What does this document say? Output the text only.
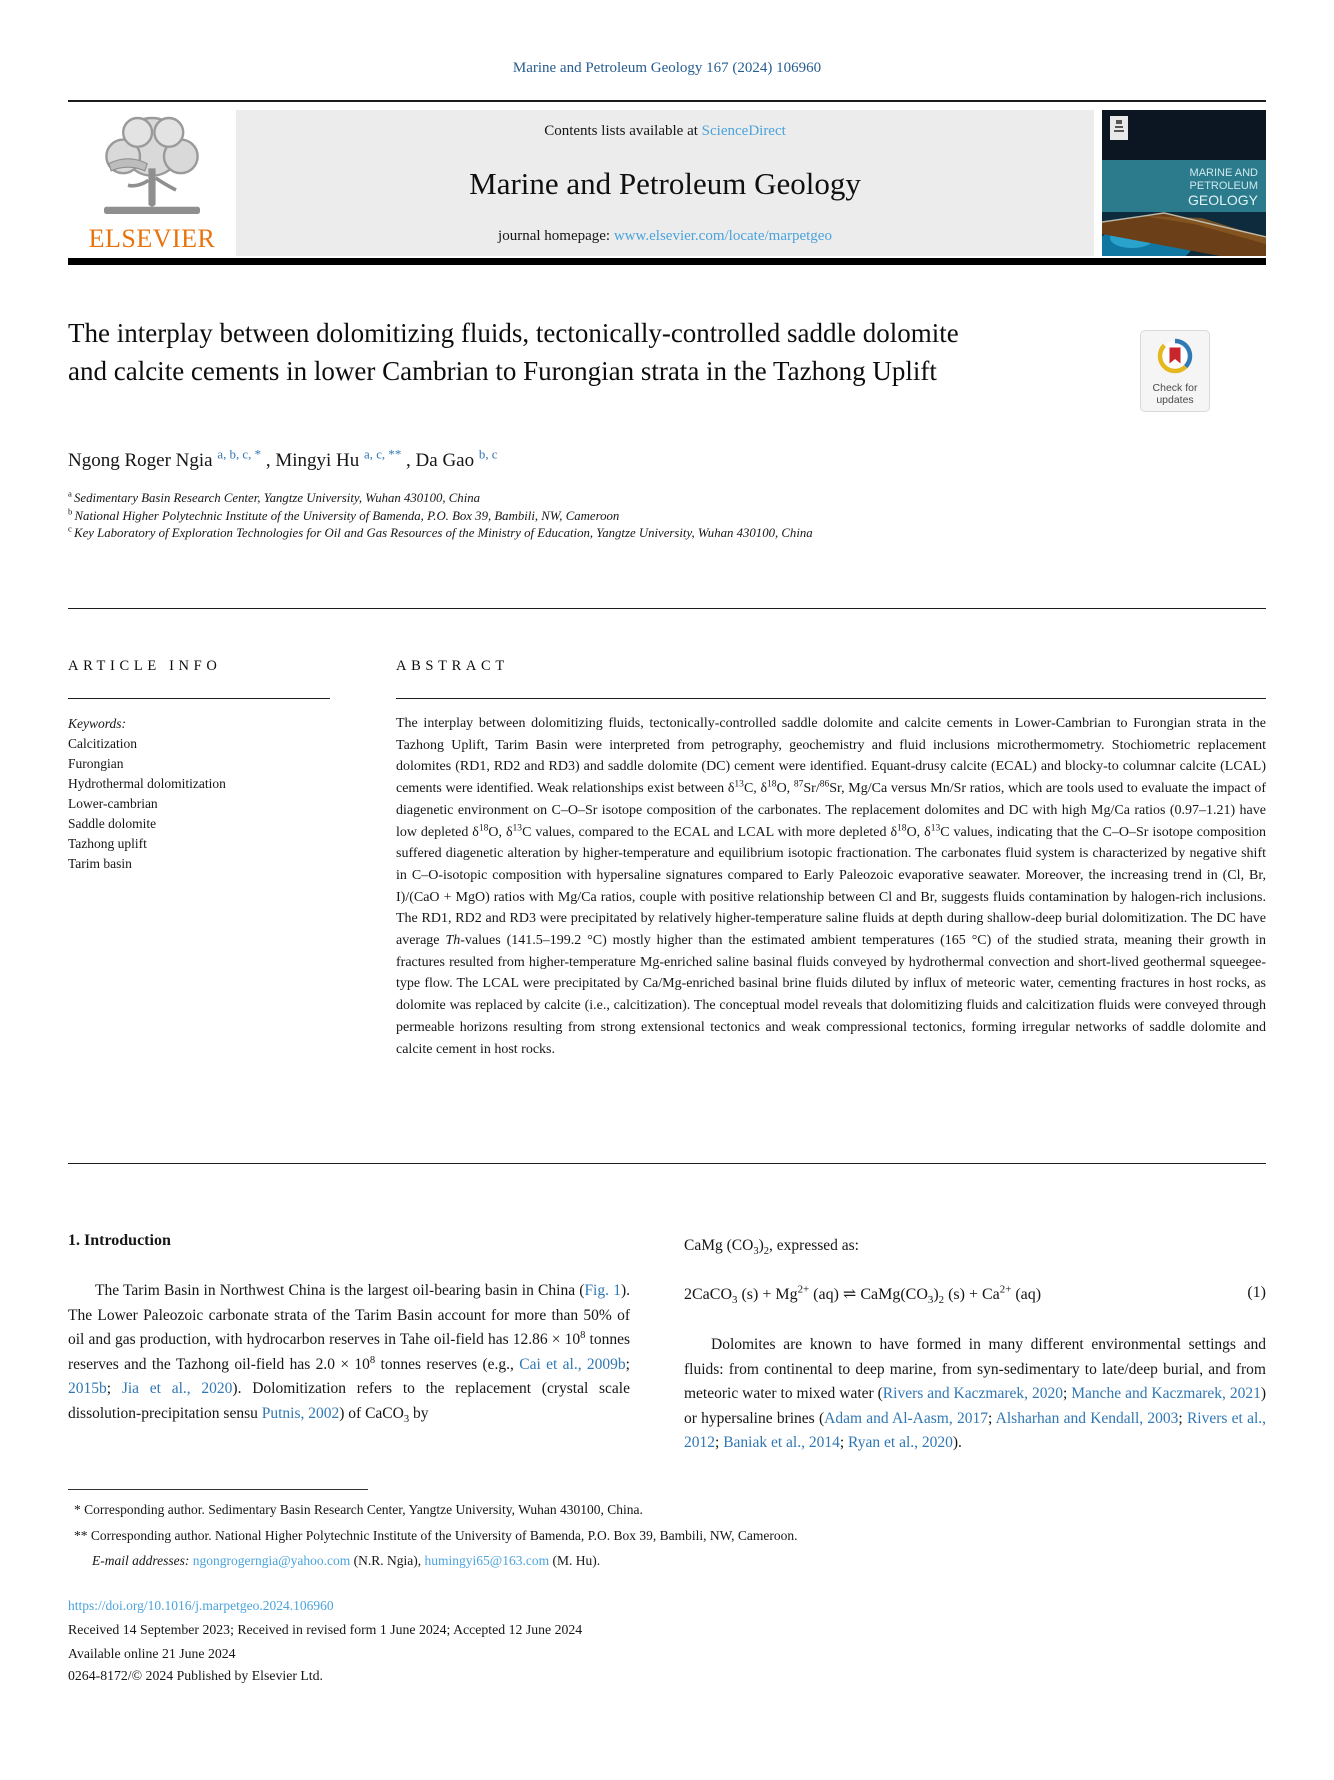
Marine and Petroleum Geology 167 (2024) 106960
ELSEVIER
Contents lists available at ScienceDirect
Marine and Petroleum Geology
journal homepage: www.elsevier.com/locate/marpetgeo
MARINE AND
PETROLEUM
GEOLOGY
The interplay between dolomitizing fluids, tectonically-controlled saddle dolomite and calcite cements in lower Cambrian to Furongian strata in the Tazhong Uplift
Check for
updates
Ngong Roger Ngia $^{a, b, c, *}$ , Mingyi Hu $^{a, c, **}$ , Da Gao $^{b, c}$
$^a$ Sedimentary Basin Research Center, Yangtze University, Wuhan 430100, China
$^b$ National Higher Polytechnic Institute of the University of Bamenda, P.O. Box 39, Bambili, NW, Cameroon
$^c$ Key Laboratory of Exploration Technologies for Oil and Gas Resources of the Ministry of Education, Yangtze University, Wuhan 430100, China
ARTICLE INFO	ABSTRACT
Keywords:
Calcitization
Furongian
Hydrothermal dolomitization
Lower-cambrian
Saddle dolomite
Tazhong uplift
Tarim basin
The interplay between dolomitizing fluids, tectonically-controlled saddle dolomite and calcite cements in Lower-Cambrian to Furongian strata in the Tazhong Uplift, Tarim Basin were interpreted from petrography, geochemistry and fluid inclusions microthermometry. Stochiometric replacement dolomites (RD1, RD2 and RD3) and saddle dolomite (DC) cement were identified. Equant-drusy calcite (ECAL) and blocky-to columnar calcite (LCAL) cements were identified. Weak relationships exist between $\delta^{13}C$, $\delta^{18}O$, $^{87}$Sr/$^{86}$Sr, Mg/Ca versus Mn/Sr ratios, which are tools used to evaluate the impact of diagenetic environment on C–O–Sr isotope composition of the carbonates. The replacement dolomites and DC with high Mg/Ca ratios (0.97–1.21) have low depleted $\delta^{18}O$, $\delta^{13}C$ values, compared to the ECAL and LCAL with more depleted $\delta^{18}O$, $\delta^{13}C$ values, indicating that the C–O–Sr isotope composition suffered diagenetic alteration by higher-temperature and equilibrium isotopic fractionation. The carbonates fluid system is characterized by negative shift in C–O-isotopic composition with hypersaline signatures compared to Early Paleozoic evaporative seawater. Moreover, the increasing trend in (Cl, Br, I)/(CaO + MgO) ratios with Mg/Ca ratios, couple with positive relationship between Cl and Br, suggests fluids contamination by halogen-rich inclusions. The RD1, RD2 and RD3 were precipitated by relatively higher-temperature saline fluids at depth during shallow-deep burial dolomitization. The DC have average Th-values (141.5–199.2 °C) mostly higher than the estimated ambient temperatures (165 °C) of the studied strata, meaning their growth in fractures resulted from higher-temperature Mg-enriched saline basinal fluids conveyed by hydrothermal convection and short-lived geothermal squeegee-type flow. The LCAL were precipitated by Ca/Mg-enriched basinal brine fluids diluted by influx of meteoric water, cementing fractures in host rocks, as dolomite was replaced by calcite (i.e., calcitization). The conceptual model reveals that dolomitizing fluids and calcitization fluids were conveyed through permeable horizons resulting from strong extensional tectonics and weak compressional tectonics, forming irregular networks of saddle dolomite and calcite cement in host rocks.
1. Introduction
The Tarim Basin in Northwest China is the largest oil-bearing basin in China (Fig. 1). The Lower Paleozoic carbonate strata of the Tarim Basin account for more than 50% of oil and gas production, with hydrocarbon reserves in Tahe oil-field has $12.86 \times 10^8$ tonnes reserves and the Tazhong oil-field has $2.0 \times 10^8$ tonnes reserves (e.g., Cai et al., 2009b; 2015b; Jia et al., 2020). Dolomitization refers to the replacement (crystal scale dissolution-precipitation sensu Putnis, 2002) of CaCO$_3$ by
CaMg $(CO_3)_2$, expressed as:
2CaCO$_3$ $(s) + Mg^{2+}$ (aq) ⇌ $CaMg(CO_3)_2$ $(s) + Ca^{2+}$ (aq)	(1)
Dolomites are known to have formed in many different environmental settings and fluids: from continental to deep marine, from syn-sedimentary to late/deep burial, and from meteoric water to mixed water (Rivers and Kaczmarek, 2020; Manche and Kaczmarek, 2021) or hypersaline brines (Adam and Al-Aasm, 2017; Alsharhan and Kendall, 2003; Rivers et al., 2012; Baniak et al., 2014; Ryan et al., 2020).
* Corresponding author. Sedimentary Basin Research Center, Yangtze University, Wuhan 430100, China.
** Corresponding author. National Higher Polytechnic Institute of the University of Bamenda, P.O. Box 39, Bambili, NW, Cameroon.
E-mail addresses: ngongrogerngia@yahoo.com (N.R. Ngia), humingyi65@163.com (M. Hu).
https://doi.org/10.1016/j.marpetgeo.2024.106960
Received 14 September 2023; Received in revised form 1 June 2024; Accepted 12 June 2024
Available online 21 June 2024
0264-8172/© 2024 Published by Elsevier Ltd.
